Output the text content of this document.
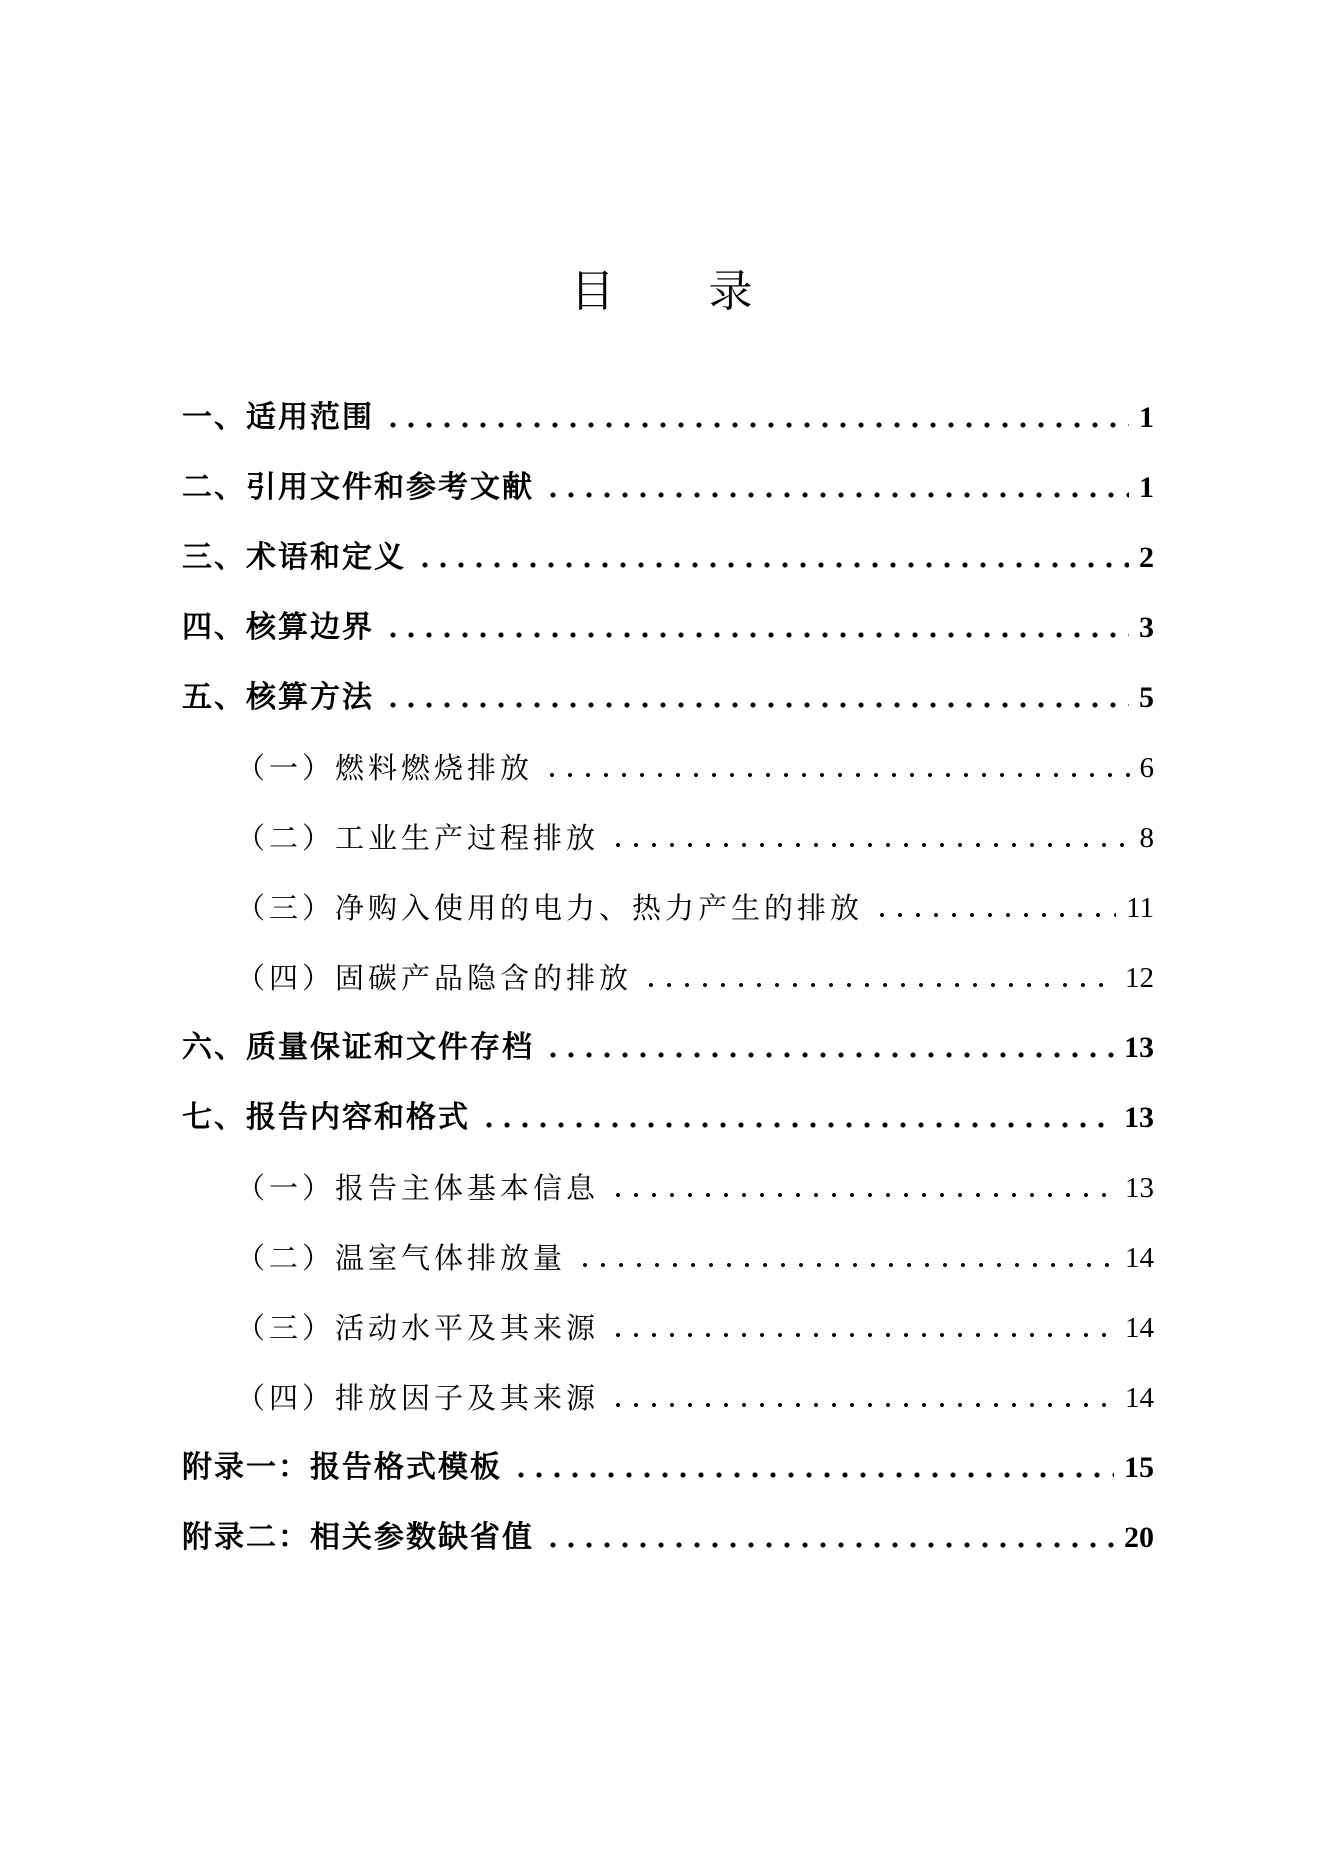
目 录
一、适用范围	1
二、引用文件和参考文献	1
三、术语和定义	2
四、核算边界	3
五、核算方法	5
（一）燃料燃烧排放	6
（二）工业生产过程排放	8
（三）净购入使用的电力、热力产生的排放	11
（四）固碳产品隐含的排放	12
六、质量保证和文件存档	13
七、报告内容和格式	13
（一）报告主体基本信息	13
（二）温室气体排放量	14
（三）活动水平及其来源	14
（四）排放因子及其来源	14
附录一：报告格式模板	15
附录二：相关参数缺省值	20
